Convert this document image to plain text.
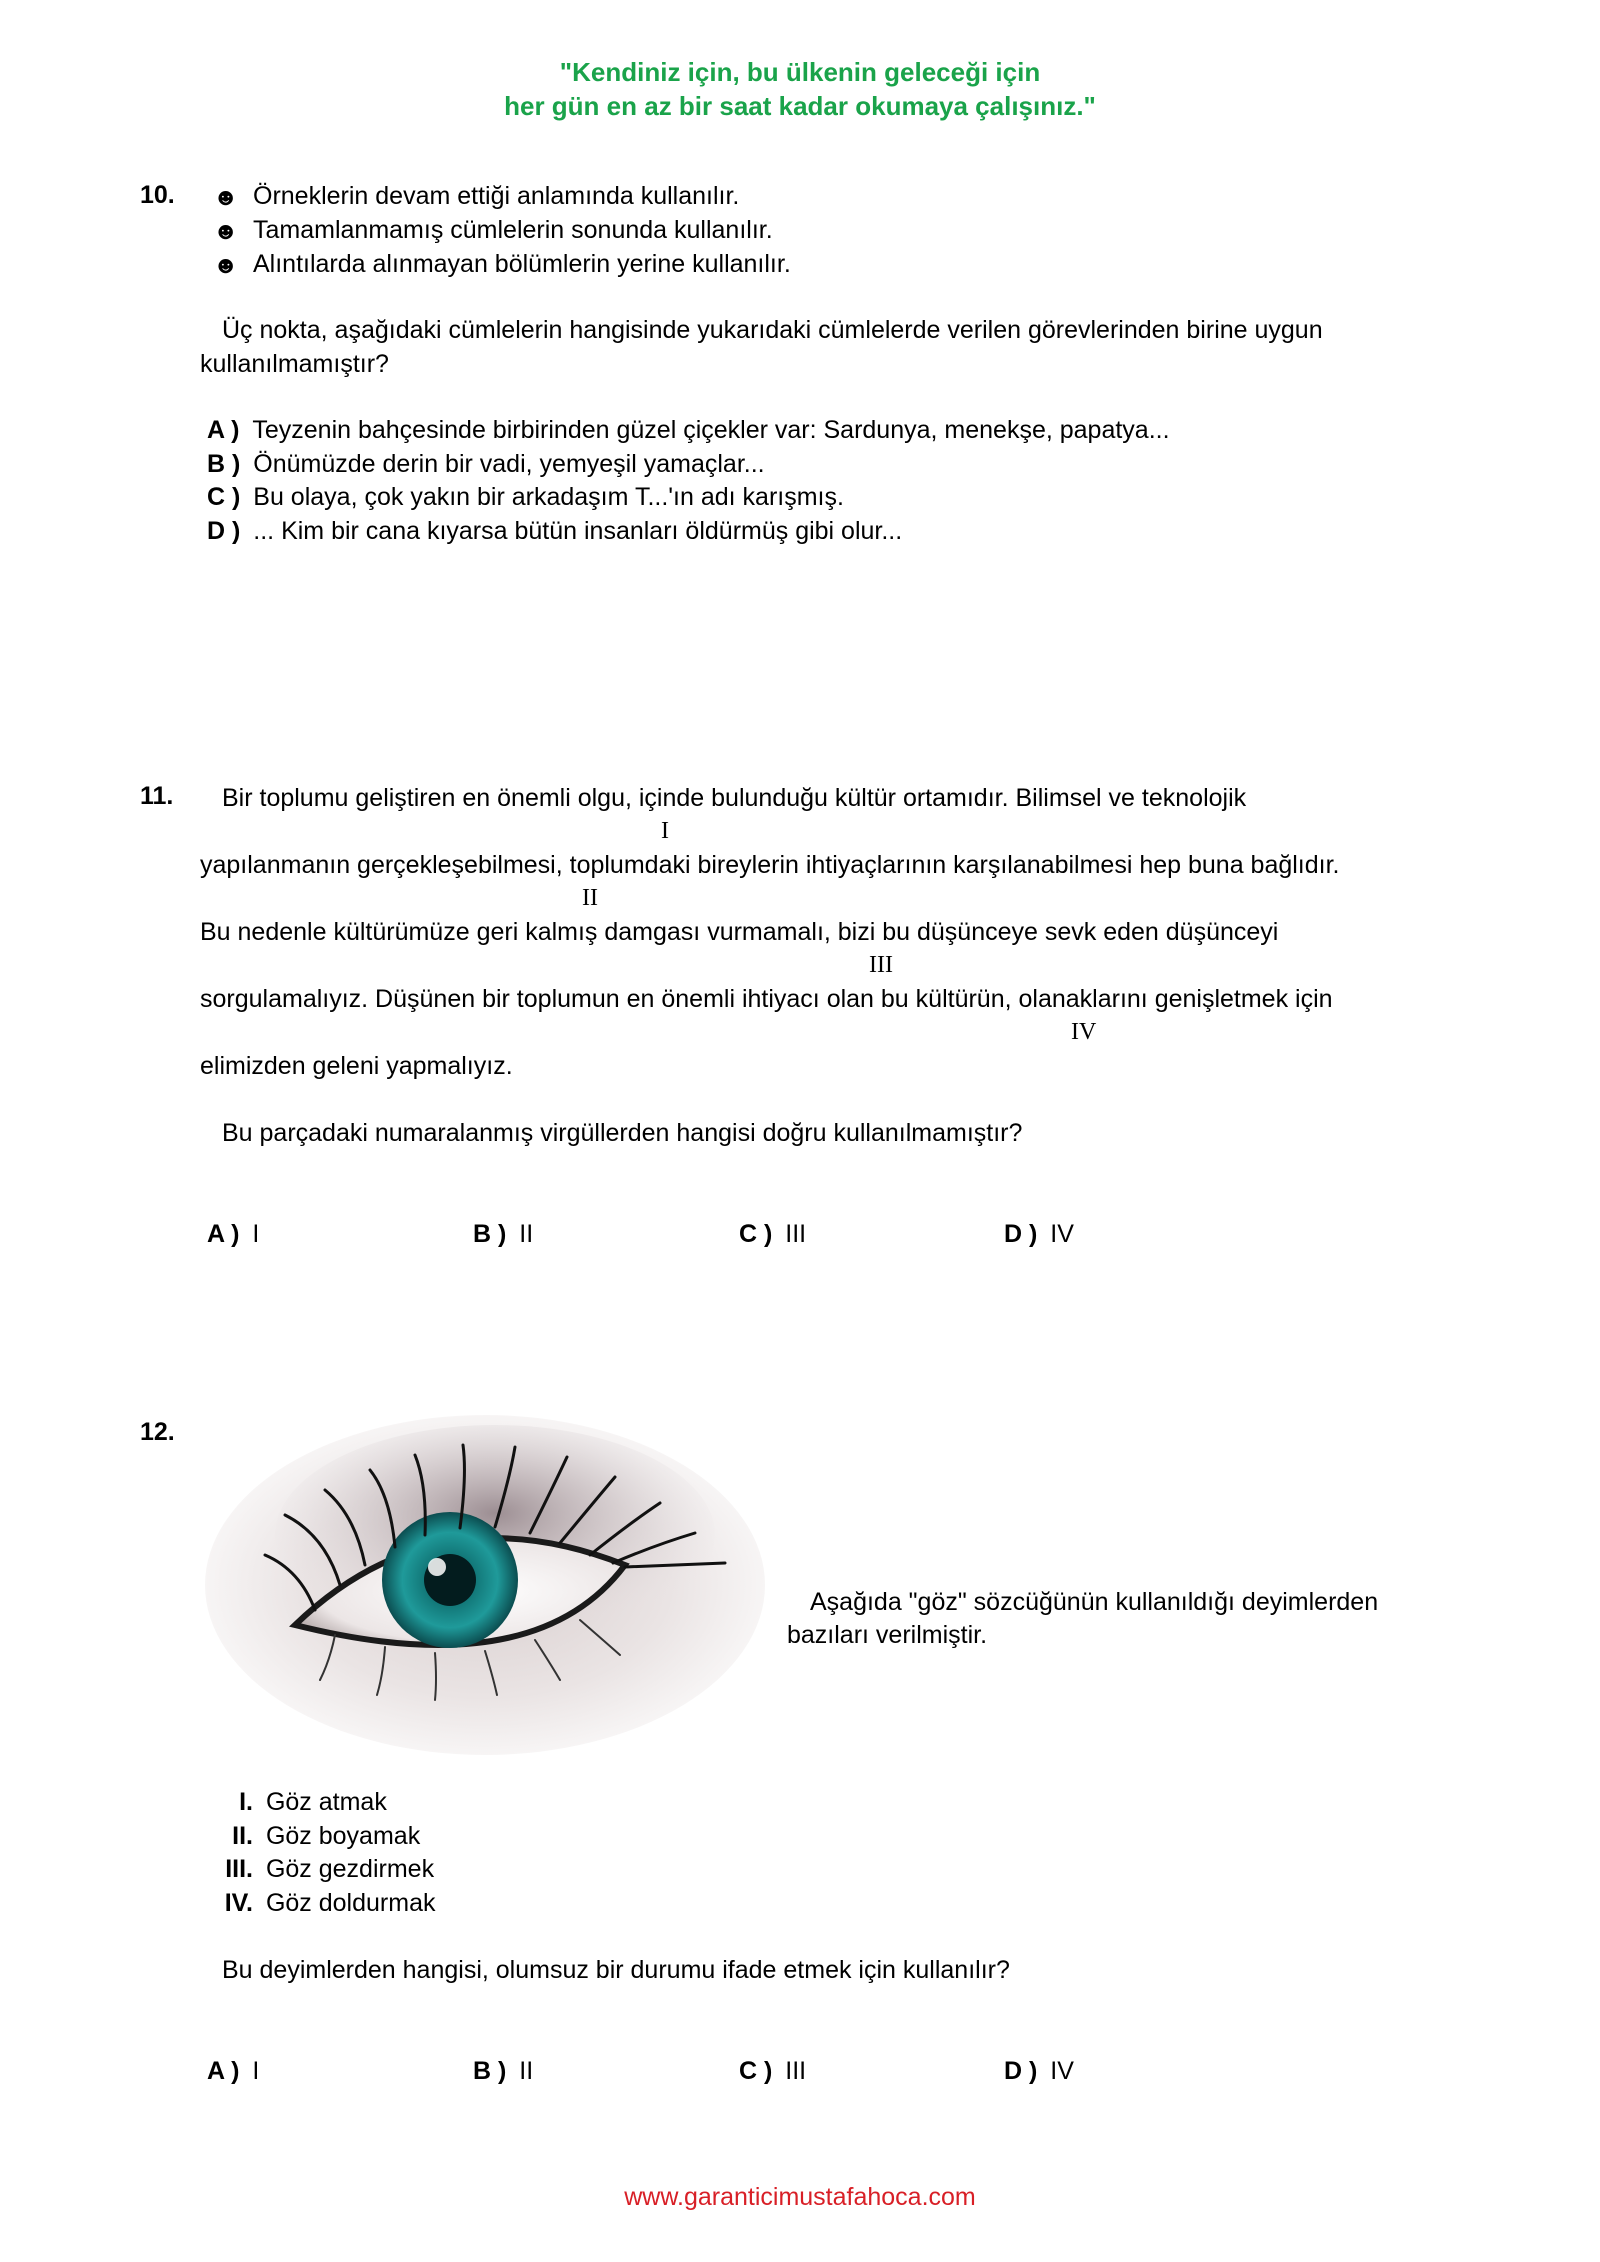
"Kendiniz için, bu ülkenin geleceği için
her gün en az bir saat kadar okumaya çalışınız."
10. ☻ Örneklerin devam ettiği anlamında kullanılır.
☻ Tamamlanmamış cümlelerin sonunda kullanılır.
☻ Alıntılarda alınmayan bölümlerin yerine kullanılır.
Üç nokta, aşağıdaki cümlelerin hangisinde yukarıdaki cümlelerde verilen görevlerinden birine uygun
kullanılmamıştır?
A ) Teyzenin bahçesinde birbirinden güzel çiçekler var: Sardunya, menekşe, papatya...
B ) Önümüzde derin bir vadi, yemyeşil yamaçlar...
C ) Bu olaya, çok yakın bir arkadaşım T...'ın adı karışmış.
D ) ... Kim bir cana kıyarsa bütün insanları öldürmüş gibi olur...
11. Bir toplumu geliştiren en önemli olgu, içinde bulunduğu kültür ortamıdır. Bilimsel ve teknolojik
I
yapılanmanın gerçekleşebilmesi, toplumdaki bireylerin ihtiyaçlarının karşılanabilmesi hep buna bağlıdır.
II
Bu nedenle kültürümüze geri kalmış damgası vurmamalı, bizi bu düşünceye sevk eden düşünceyi
III
sorgulamalıyız. Düşünen bir toplumun en önemli ihtiyacı olan bu kültürün, olanaklarını genişletmek için
IV
elimizden geleni yapmalıyız.
Bu parçadaki numaralanmış virgüllerden hangisi doğru kullanılmamıştır?
A ) I	B ) II	C ) III	D ) IV
12.
Aşağıda "göz" sözcüğünün kullanıldığı deyimlerden
bazıları verilmiştir.
I. Göz atmak
II. Göz boyamak
III. Göz gezdirmek
IV. Göz doldurmak
Bu deyimlerden hangisi, olumsuz bir durumu ifade etmek için kullanılır?
A ) I	B ) II	C ) III	D ) IV
www.garanticimustafahoca.com
